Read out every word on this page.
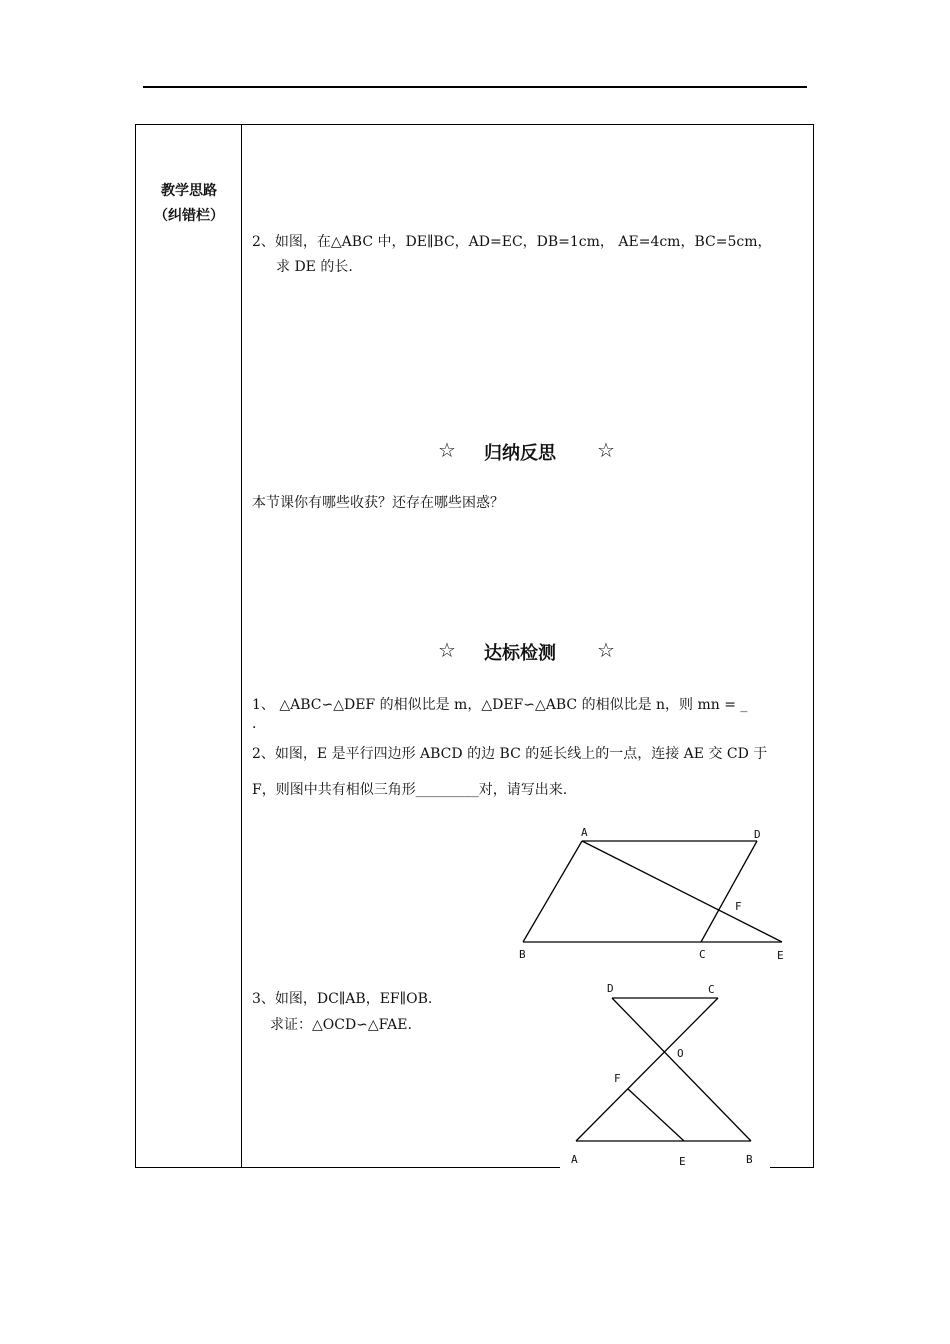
教学思路
（纠错栏）
2、如图，在△ABC 中，DE∥BC，AD=EC，DB=1cm， AE=4cm，BC=5cm，
求 DE 的长.
☆ 归纳反思 ☆
本节课你有哪些收获？还存在哪些困惑？
☆ 达标检测 ☆
1、 △ABC∽△DEF 的相似比是 m，△DEF∽△ABC 的相似比是 n，则 mn = _
.
2、如图，E 是平行四边形 ABCD 的边 BC 的延长线上的一点，连接 AE 交 CD 于
F，则图中共有相似三角形_________对，请写出来.
3、如图，DC∥AB，EF∥OB.
求证：△OCD∽△FAE.
A	D
B	C	E
F
D	C
O
F
A	E	B
